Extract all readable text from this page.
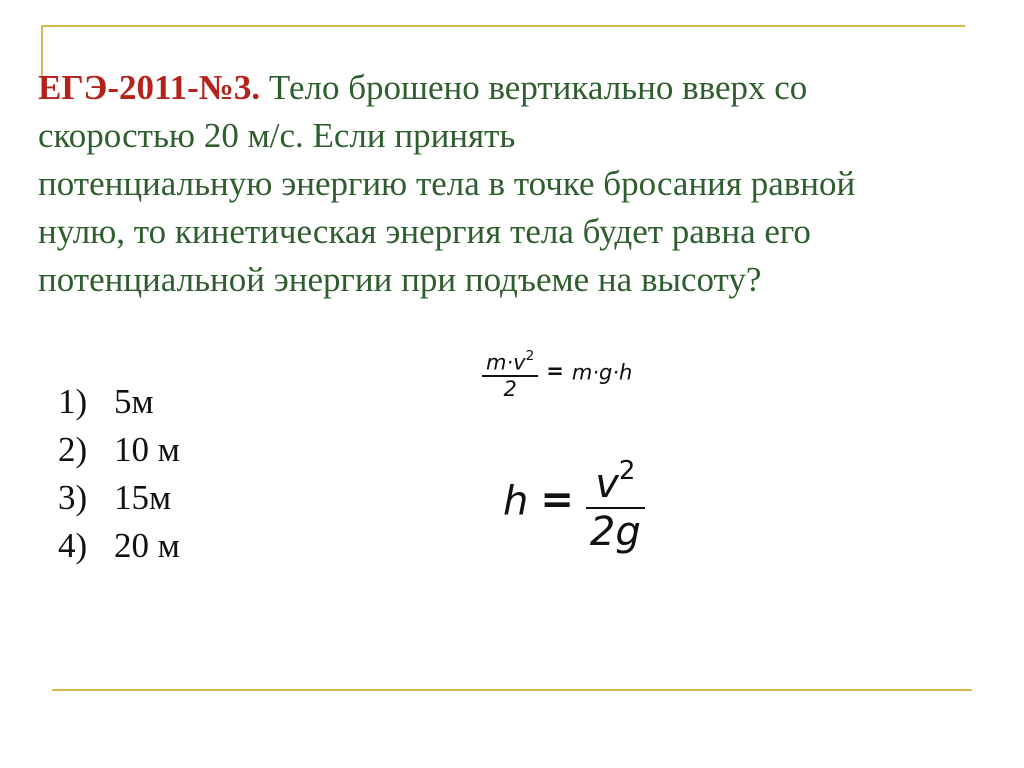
ЕГЭ-2011-№3. Тело брошено вертикально вверх со
скоростью 20 м/с. Если принять
потенциальную энергию тела в точке бросания равной
нулю, то кинетическая энергия тела будет равна его
потенциальной энергии при подъеме на высоту?

1) 5м
2) 10 м
3) 15м
4) 20 м
$\frac{m\cdot v^2}{2} = m\cdot g\cdot h$
$h = \frac{v^2}{2g}$
